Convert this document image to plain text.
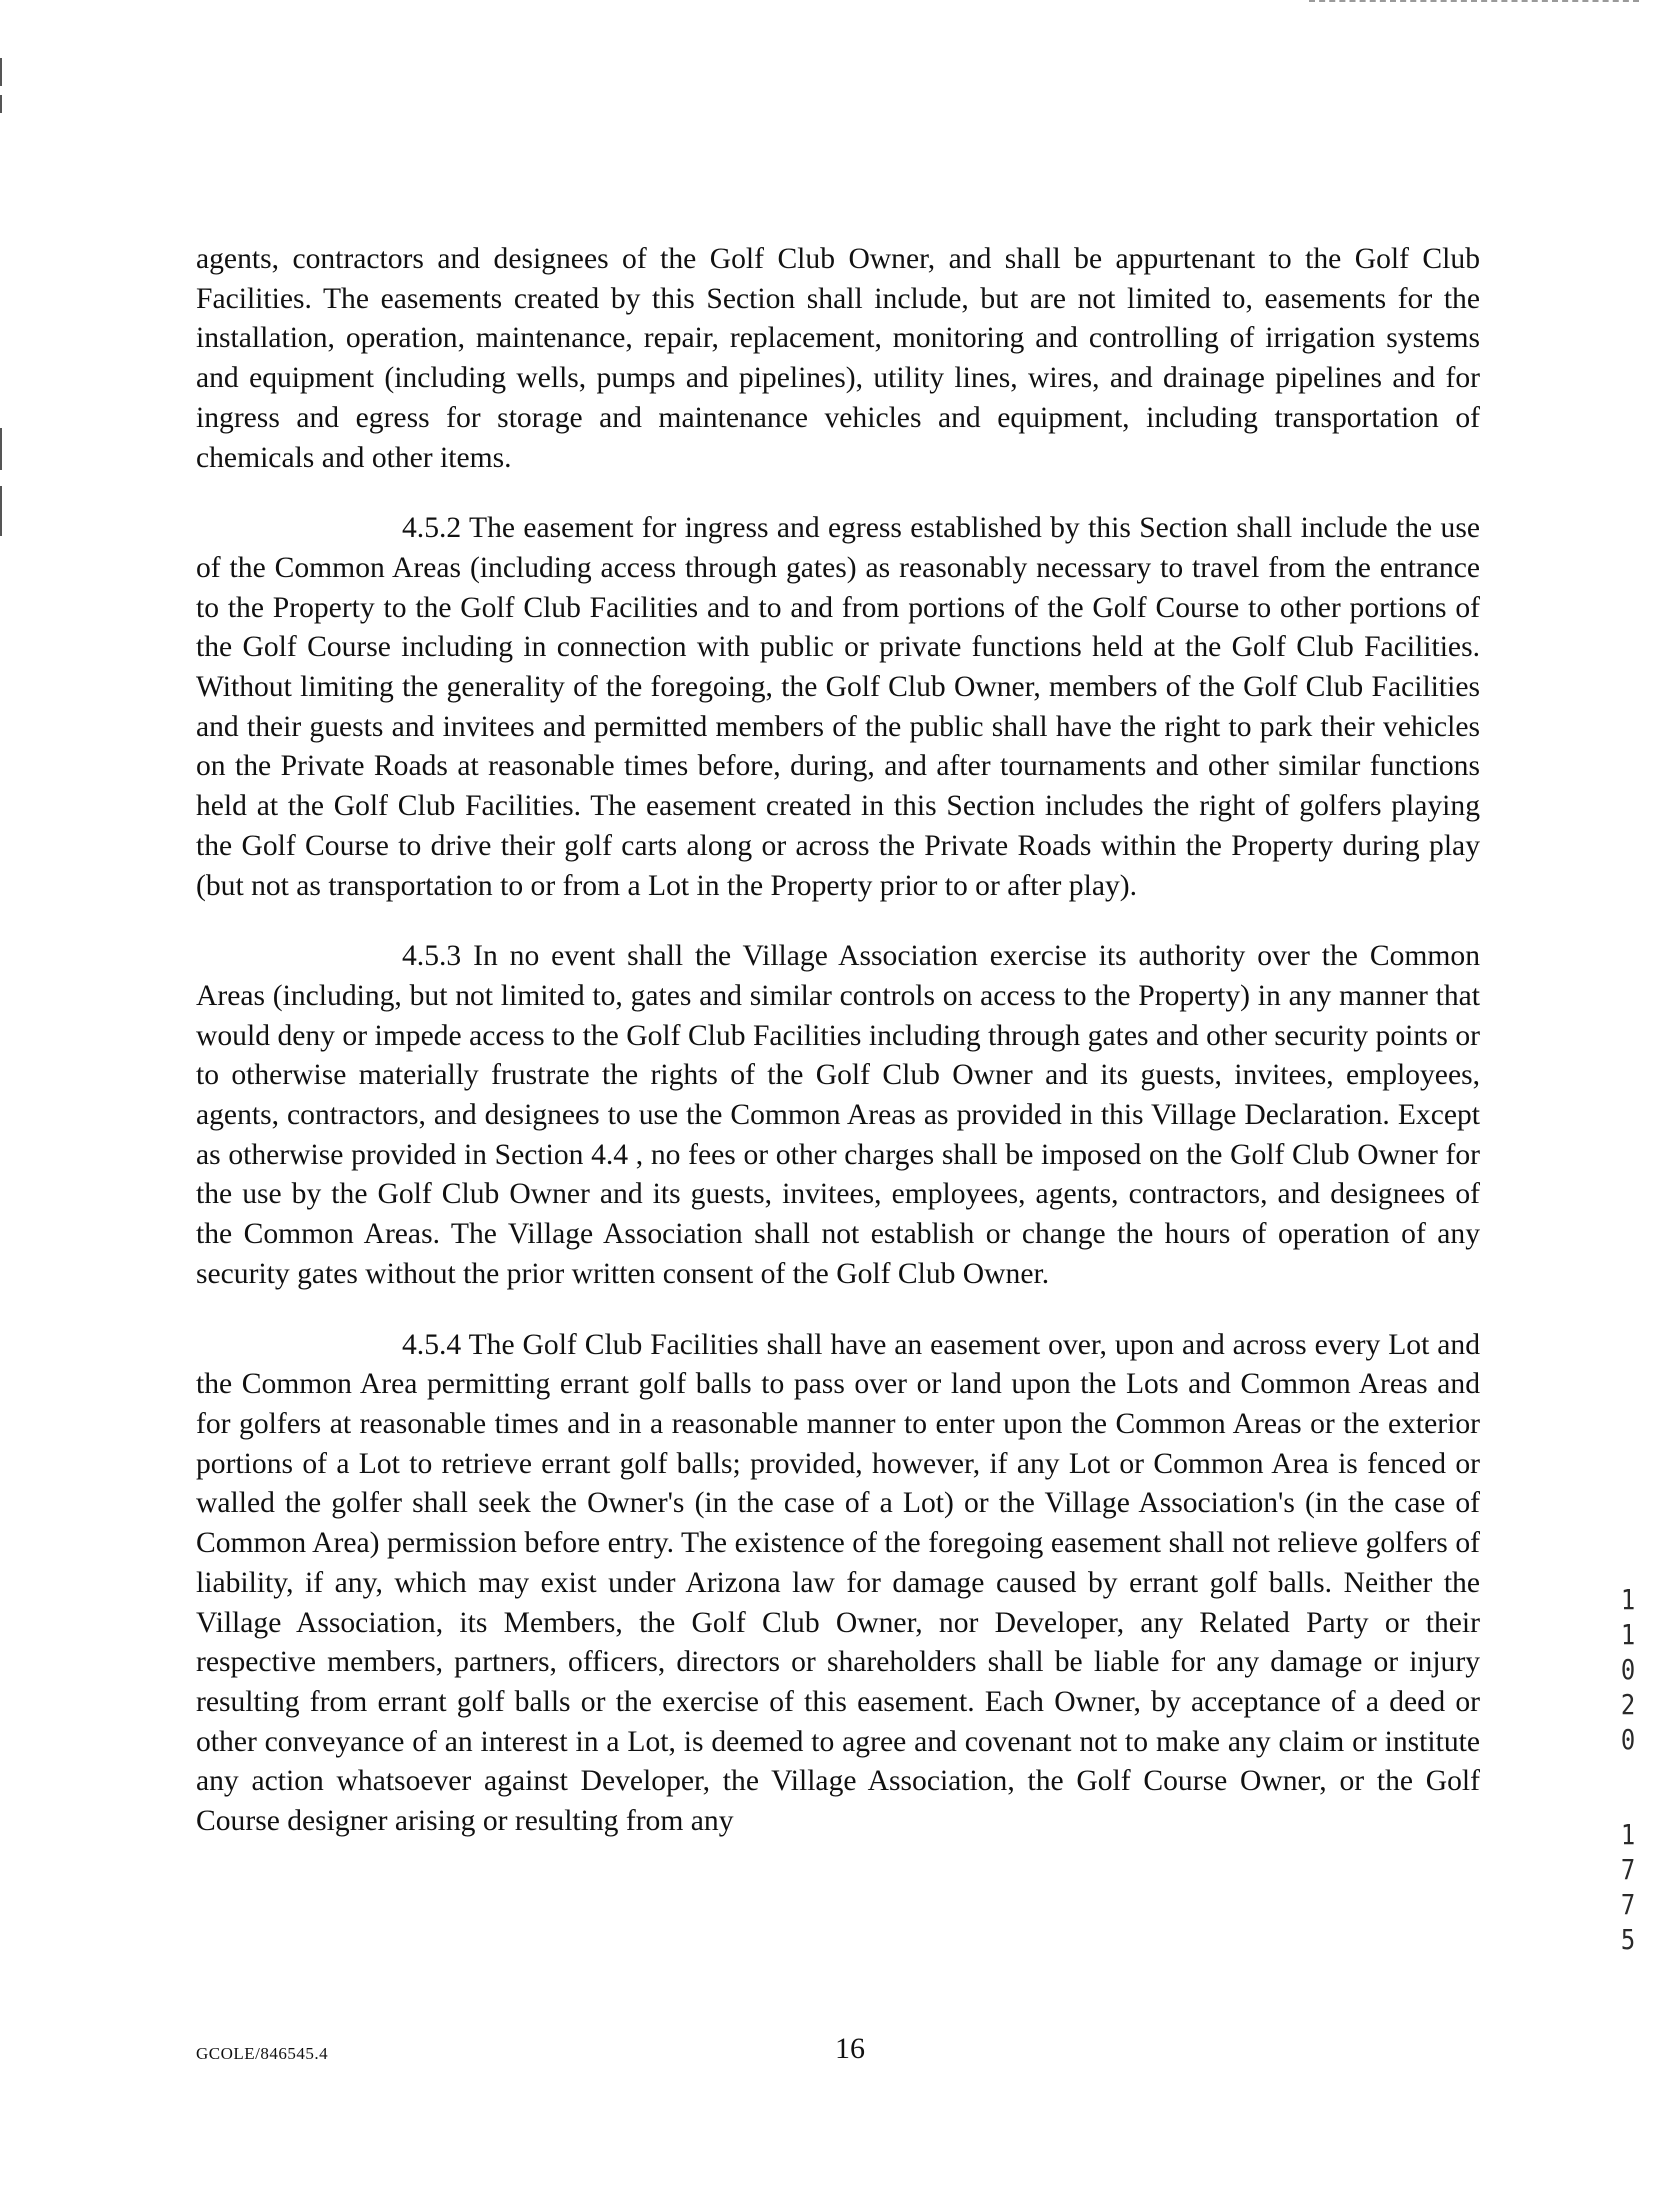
agents, contractors and designees of the Golf Club Owner, and shall be appurtenant to the Golf Club Facilities. The easements created by this Section shall include, but are not limited to, easements for the installation, operation, maintenance, repair, replacement, monitoring and controlling of irrigation systems and equipment (including wells, pumps and pipelines), utility lines, wires, and drainage pipelines and for ingress and egress for storage and maintenance vehicles and equipment, including transportation of chemicals and other items.

4.5.2 The easement for ingress and egress established by this Section shall include the use of the Common Areas (including access through gates) as reasonably necessary to travel from the entrance to the Property to the Golf Club Facilities and to and from portions of the Golf Course to other portions of the Golf Course including in connection with public or private functions held at the Golf Club Facilities. Without limiting the generality of the foregoing, the Golf Club Owner, members of the Golf Club Facilities and their guests and invitees and permitted members of the public shall have the right to park their vehicles on the Private Roads at reasonable times before, during, and after tournaments and other similar functions held at the Golf Club Facilities. The easement created in this Section includes the right of golfers playing the Golf Course to drive their golf carts along or across the Private Roads within the Property during play (but not as transportation to or from a Lot in the Property prior to or after play).

4.5.3 In no event shall the Village Association exercise its authority over the Common Areas (including, but not limited to, gates and similar controls on access to the Property) in any manner that would deny or impede access to the Golf Club Facilities including through gates and other security points or to otherwise materially frustrate the rights of the Golf Club Owner and its guests, invitees, employees, agents, contractors, and designees to use the Common Areas as provided in this Village Declaration. Except as otherwise provided in Section 4.4 , no fees or other charges shall be imposed on the Golf Club Owner for the use by the Golf Club Owner and its guests, invitees, employees, agents, contractors, and designees of the Common Areas. The Village Association shall not establish or change the hours of operation of any security gates without the prior written consent of the Golf Club Owner.

4.5.4 The Golf Club Facilities shall have an easement over, upon and across every Lot and the Common Area permitting errant golf balls to pass over or land upon the Lots and Common Areas and for golfers at reasonable times and in a reasonable manner to enter upon the Common Areas or the exterior portions of a Lot to retrieve errant golf balls; provided, however, if any Lot or Common Area is fenced or walled the golfer shall seek the Owner's (in the case of a Lot) or the Village Association's (in the case of Common Area) permission before entry. The existence of the foregoing easement shall not relieve golfers of liability, if any, which may exist under Arizona law for damage caused by errant golf balls. Neither the Village Association, its Members, the Golf Club Owner, nor Developer, any Related Party or their respective members, partners, officers, directors or shareholders shall be liable for any damage or injury resulting from errant golf balls or the exercise of this easement. Each Owner, by acceptance of a deed or other conveyance of an interest in a Lot, is deemed to agree and covenant not to make any claim or institute any action whatsoever against Developer, the Village Association, the Golf Course Owner, or the Golf Course designer arising or resulting from any

GCOLE/846545.4	16
1
1
0
2
0
1
7
7
5
